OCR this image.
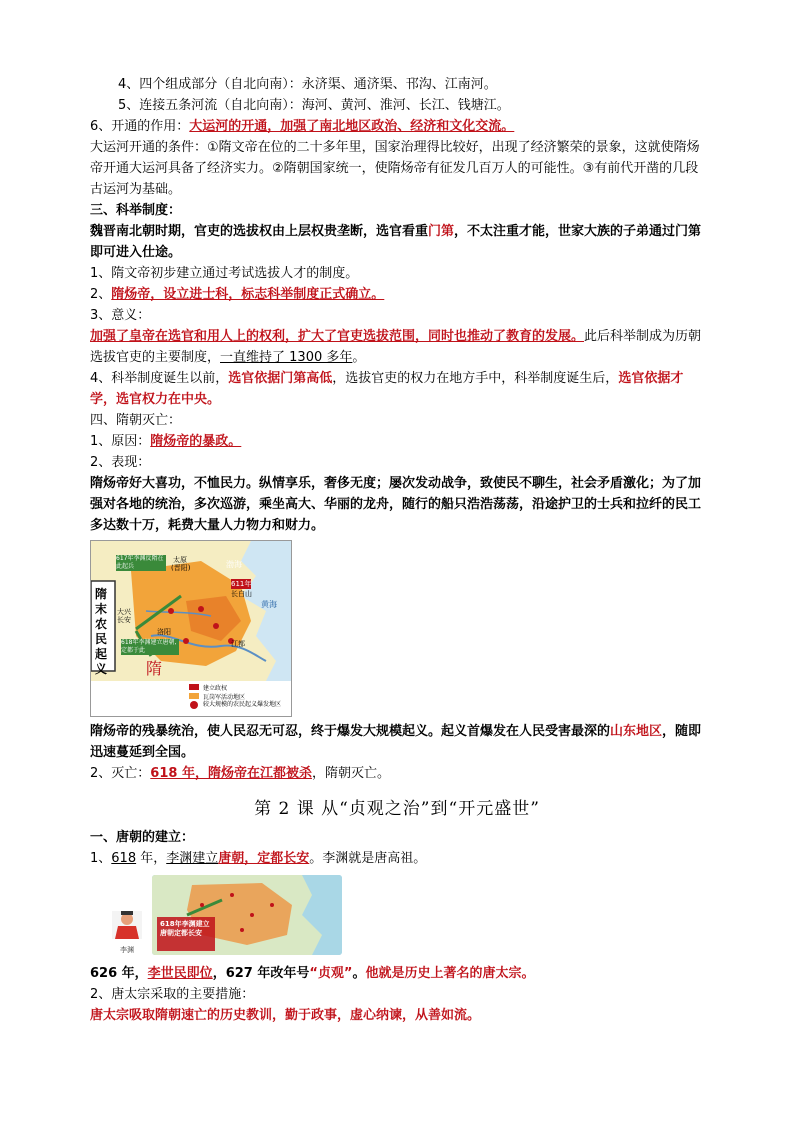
4、四个组成部分（自北向南）：永济渠、通济渠、邗沟、江南河。

5、连接五条河流（自北向南）：海河、黄河、淮河、长江、钱塘江。

6、开通的作用：大运河的开通，加强了南北地区政治、经济和文化交流。

大运河开通的条件：①隋文帝在位的二十多年里，国家治理得比较好，出现了经济繁荣的景象，这就使隋炀帝开通大运河具备了经济实力。②隋朝国家统一，使隋炀帝有征发几百万人的可能性。③有前代开凿的几段古运河为基础。

三、科举制度：

魏晋南北朝时期，官吏的选拔权由上层权贵垄断，选官看重门第，不太注重才能，世家大族的子弟通过门第即可进入仕途。

1、隋文帝初步建立通过考试选拔人才的制度。

2、隋炀帝，设立进士科，标志科举制度正式确立。

3、意义：

加强了皇帝在选官和用人上的权利，扩大了官吏选拔范围，同时也推动了教育的发展。此后科举制成为历朝选拔官吏的主要制度，一直维持了 1300 多年。

4、科举制度诞生以前，选官依据门第高低，选拔官吏的权力在地方手中，科举制度诞生后，选官依据才学，选官权力在中央。

四、隋朝灭亡：

1、原因：隋炀帝的暴政。

2、表现：

隋炀帝好大喜功，不恤民力。纵情享乐，奢侈无度；屡次发动战争，致使民不聊生，社会矛盾激化；为了加强对各地的统治，多次巡游，乘坐高大、华丽的龙舟，随行的船只浩浩荡荡，沿途护卫的士兵和拉纤的民工多达数十万，耗费大量人力物力和财力。

隋末农民起义
617年李渊反隋在此起兵
太原
(晋阳)	渤海
黄海
611年
长白山
大兴
长安
洛阳
江都
618年李渊建立唐朝,定都于此
隋
建立政权
瓦岗军活动地区
较大规模的农民起义爆发地区

隋炀帝的残暴统治，使人民忍无可忍，终于爆发大规模起义。起义首爆发在人民受害最深的山东地区，随即迅速蔓延到全国。

2、灭亡：618 年，隋炀帝在江都被杀，隋朝灭亡。

第 2 课 从“贞观之治”到“开元盛世”

一、唐朝的建立：

1、618 年，李渊建立唐朝，定都长安。李渊就是唐高祖。

李渊
618年李渊建立唐朝定都长安

626 年，李世民即位，627 年改年号“贞观”。他就是历史上著名的唐太宗。

2、唐太宗采取的主要措施：

唐太宗吸取隋朝速亡的历史教训，勤于政事，虚心纳谏，从善如流。
